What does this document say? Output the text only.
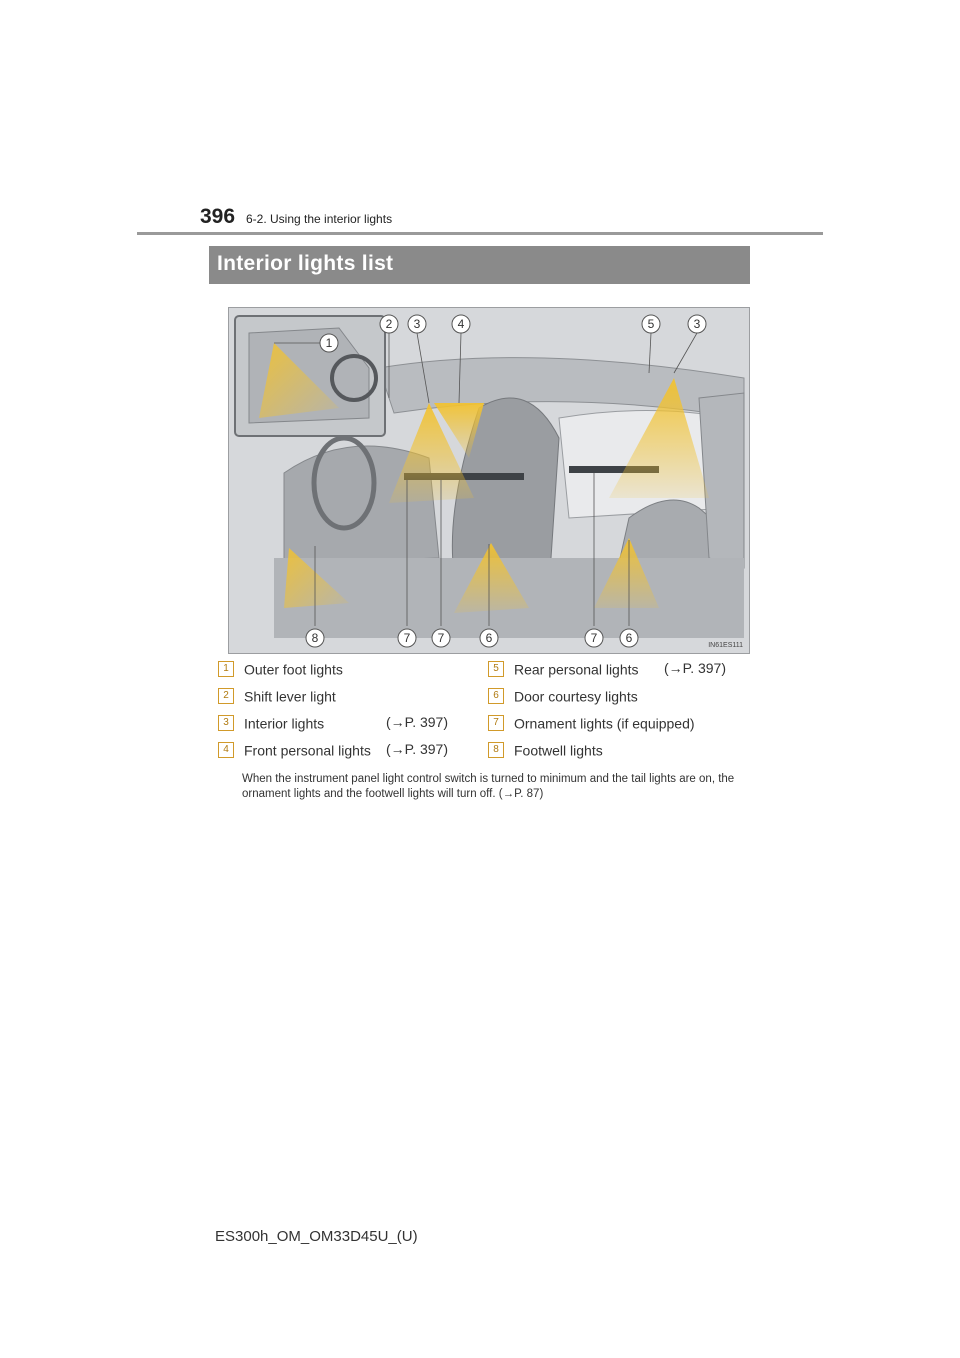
396 6-2. Using the interior lights
Interior lights list
1
2 3	4	5	3
8	7 7	6	7 6
IN61ES111
1 Outer foot lights
2 Shift lever light
3 Interior lights	(→P. 397)
4 Front personal lights (→P. 397)
5 Rear personal lights (→P. 397)
6 Door courtesy lights
7 Ornament lights (if equipped)
8 Footwell lights
When the instrument panel light control switch is turned to minimum and the tail lights are on, the ornament lights and the footwell lights will turn off. (→P. 87)
ES300h_OM_OM33D45U_(U)
